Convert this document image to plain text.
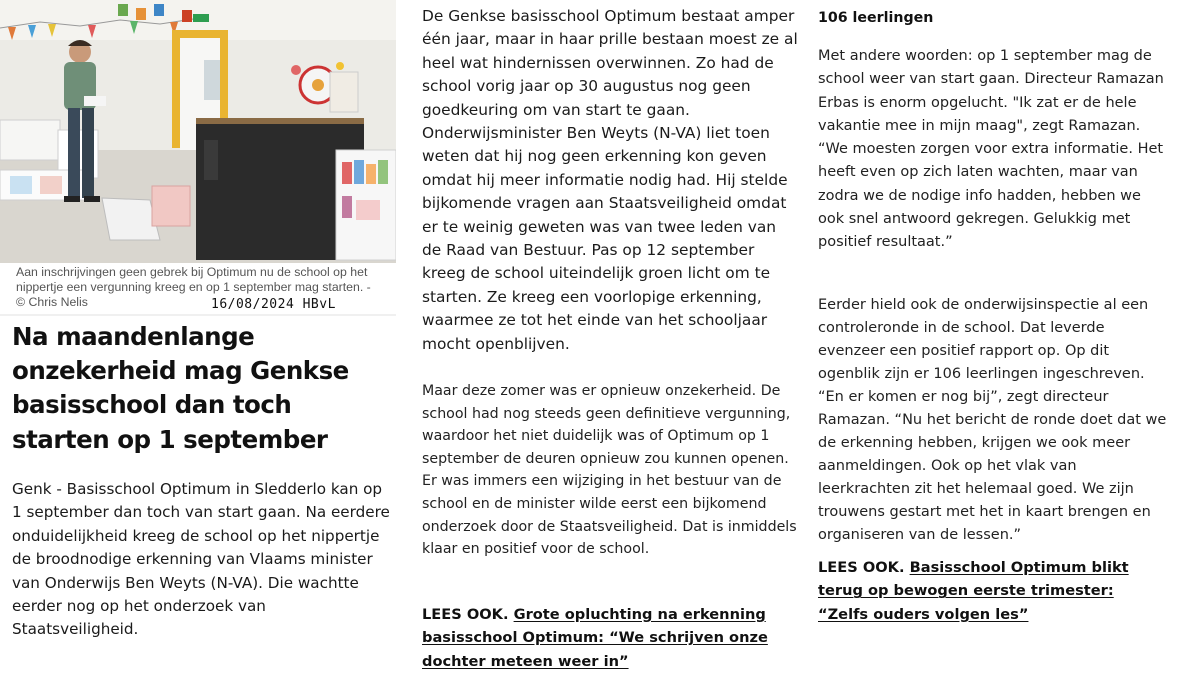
Aan inschrijvingen geen gebrek bij Optimum nu de school op het nippertje een vergunning kreeg en op 1 september mag starten. - © Chris Nelis	16/08/2024 HBvL
Na maandenlange onzekerheid mag Genkse basisschool dan toch starten op 1 september

Genk - Basisschool Optimum in Sledderlo kan op 1 september dan toch van start gaan. Na eerdere onduidelijkheid kreeg de school op het nippertje de broodnodige erkenning van Vlaams minister van Onderwijs Ben Weyts (N-VA). Die wachtte eerder nog op het onderzoek van Staatsveiligheid.

De Genkse basisschool Optimum bestaat amper één jaar, maar in haar prille bestaan moest ze al heel wat hindernissen overwinnen. Zo had de school vorig jaar op 30 augustus nog geen goedkeuring om van start te gaan. Onderwijsminister Ben Weyts (N-VA) liet toen weten dat hij nog geen erkenning kon geven omdat hij meer informatie nodig had. Hij stelde bijkomende vragen aan Staatsveiligheid omdat er te weinig geweten was van twee leden van de Raad van Bestuur. Pas op 12 september kreeg de school uiteindelijk groen licht om te starten. Ze kreeg een voorlopige erkenning, waarmee ze tot het einde van het schooljaar mocht openblijven.

Maar deze zomer was er opnieuw onzekerheid. De school had nog steeds geen definitieve vergunning, waardoor het niet duidelijk was of Optimum op 1 september de deuren opnieuw zou kunnen openen. Er was immers een wijziging in het bestuur van de school en de minister wilde eerst een bijkomend onderzoek door de Staatsveiligheid. Dat is inmiddels klaar en positief voor de school.

LEES OOK. Grote opluchting na erkenning basisschool Optimum: “We schrijven onze dochter meteen weer in”

106 leerlingen

Met andere woorden: op 1 september mag de school weer van start gaan. Directeur Ramazan Erbas is enorm opgelucht. "Ik zat er de hele vakantie mee in mijn maag", zegt Ramazan. “We moesten zorgen voor extra informatie. Het heeft even op zich laten wachten, maar van zodra we de nodige info hadden, hebben we ook snel antwoord gekregen. Gelukkig met positief resultaat.”

Eerder hield ook de onderwijsinspectie al een controleronde in de school. Dat leverde evenzeer een positief rapport op. Op dit ogenblik zijn er 106 leerlingen ingeschreven. “En er komen er nog bij”, zegt directeur Ramazan. “Nu het bericht de ronde doet dat we de erkenning hebben, krijgen we ook meer aanmeldingen. Ook op het vlak van leerkrachten zit het helemaal goed. We zijn trouwens gestart met het in kaart brengen en organiseren van de lessen.”

LEES OOK. Basisschool Optimum blikt terug op bewogen eerste trimester: “Zelfs ouders volgen les”
